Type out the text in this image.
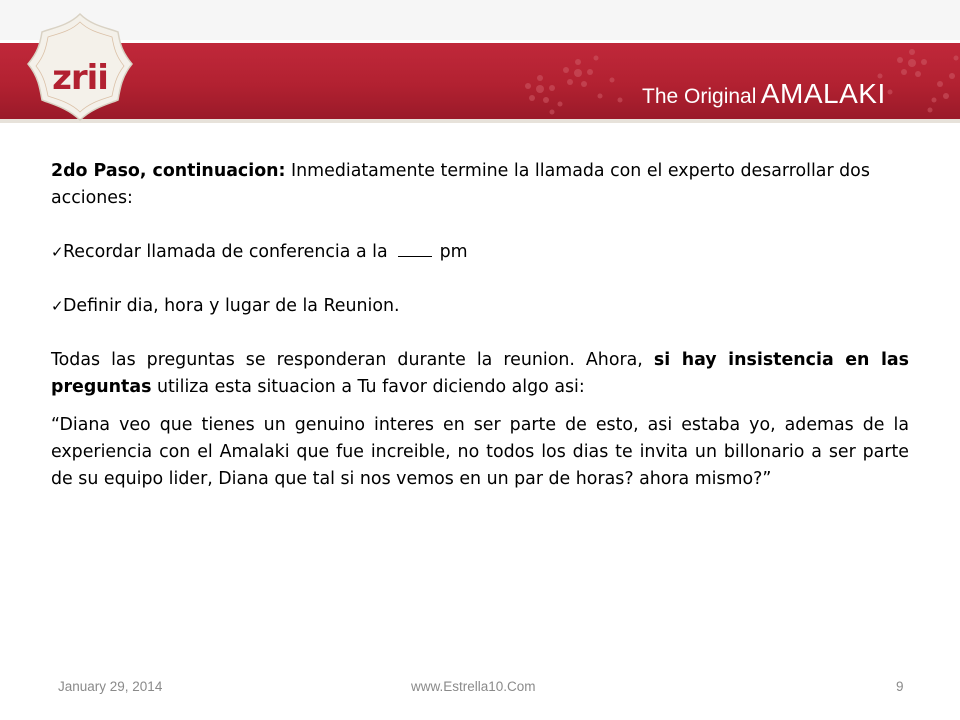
zrii	The Original AMALAKI

2do Paso, continuacion: Inmediatamente termine la llamada con el experto desarrollar dos acciones:

✓ Recordar llamada de conferencia a la	pm
✓ Definir dia, hora y lugar de la Reunion.

Todas las preguntas se responderan durante la reunion. Ahora, si hay insistencia en las preguntas utiliza esta situacion a Tu favor diciendo algo asi:

“Diana veo que tienes un genuino interes en ser parte de esto, asi estaba yo, ademas de la experiencia con el Amalaki que fue increible, no todos los dias te invita un billonario a ser parte de su equipo lider, Diana que tal si nos vemos en un par de horas? ahora mismo?”

January 29, 2014	www.Estrella10.Com	9
